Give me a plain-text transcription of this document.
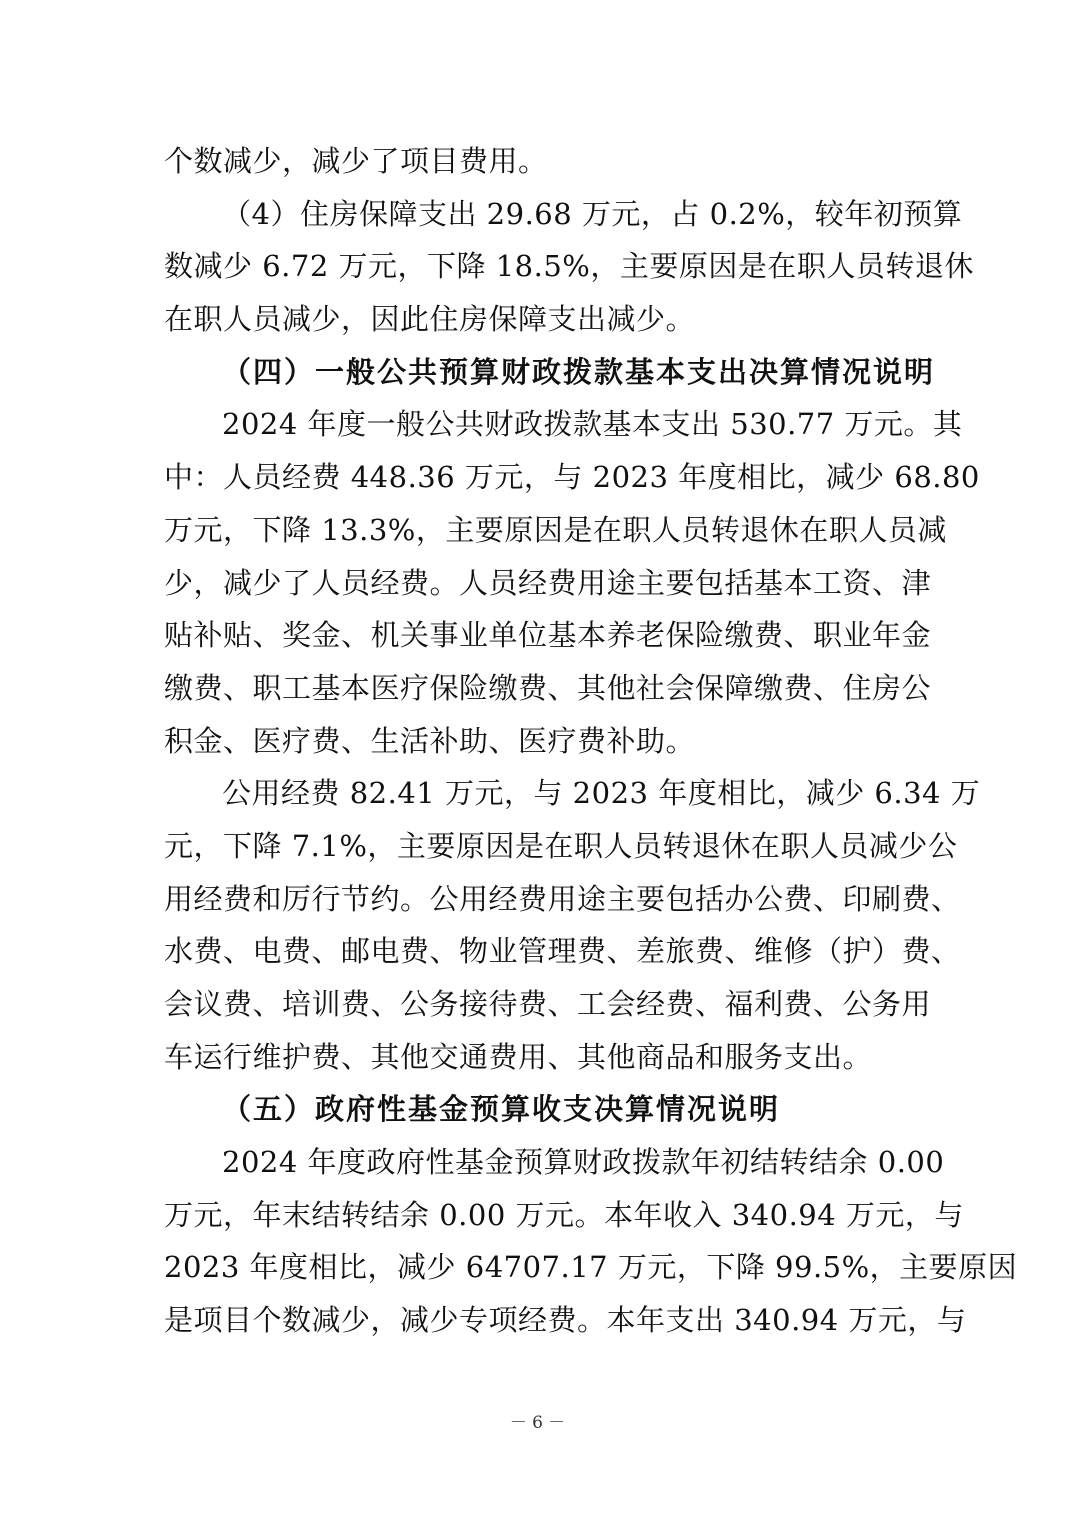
个数减少，减少了项目费用。
（4）住房保障支出 29.68 万元，占 0.2%，较年初预算
数减少 6.72 万元，下降 18.5%，主要原因是在职人员转退休
在职人员减少，因此住房保障支出减少。
（四）一般公共预算财政拨款基本支出决算情况说明
2024 年度一般公共财政拨款基本支出 530.77 万元。其
中：人员经费 448.36 万元，与 2023 年度相比，减少 68.80
万元，下降 13.3%，主要原因是在职人员转退休在职人员减
少，减少了人员经费。人员经费用途主要包括基本工资、津
贴补贴、奖金、机关事业单位基本养老保险缴费、职业年金
缴费、职工基本医疗保险缴费、其他社会保障缴费、住房公
积金、医疗费、生活补助、医疗费补助。
公用经费 82.41 万元，与 2023 年度相比，减少 6.34 万
元，下降 7.1%，主要原因是在职人员转退休在职人员减少公
用经费和厉行节约。公用经费用途主要包括办公费、印刷费、
水费、电费、邮电费、物业管理费、差旅费、维修（护）费、
会议费、培训费、公务接待费、工会经费、福利费、公务用
车运行维护费、其他交通费用、其他商品和服务支出。
（五）政府性基金预算收支决算情况说明
2024 年度政府性基金预算财政拨款年初结转结余 0.00
万元，年末结转结余 0.00 万元。本年收入 340.94 万元，与
2023 年度相比，减少 64707.17 万元，下降 99.5%，主要原因
是项目个数减少，减少专项经费。本年支出 340.94 万元，与
－ 6 －
